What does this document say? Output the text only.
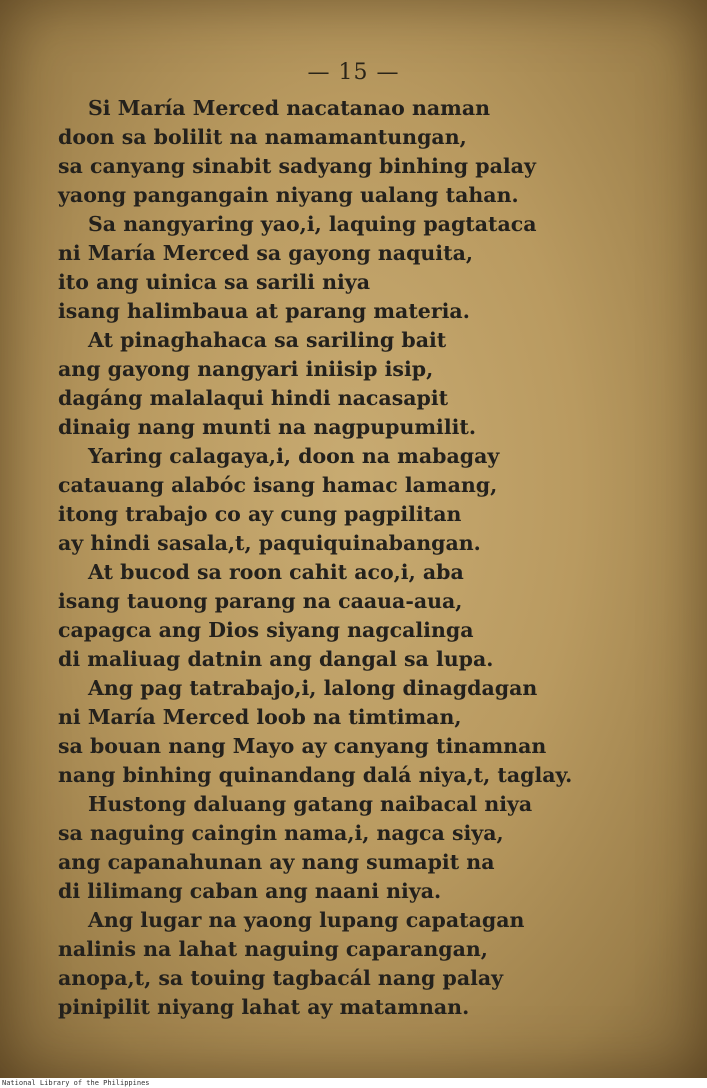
— 15 —
Si María Merced nacatanao naman
doon sa bolilit na namamantungan,
sa canyang sinabit sadyang binhing palay
yaong pangangain niyang ualang tahan.
Sa nangyaring yao,i, laquing pagtataca
ni María Merced sa gayong naquita,
ito ang uinica sa sarili niya
isang halimbaua at parang materia.
At pinaghahaca sa sariling bait
ang gayong nangyari iniisip isip,
dagáng malalaqui hindi nacasapit
dinaig nang munti na nagpupumilit.
Yaring calagaya,i, doon na mabagay
catauang alabóc isang hamac lamang,
itong trabajo co ay cung pagpilitan
ay hindi sasala,t, paquiquinabangan.
At bucod sa roon cahit aco,i, aba
isang tauong parang na caaua-aua,
capagca ang Dios siyang nagcalinga
di maliuag datnin ang dangal sa lupa.
Ang pag tatrabajo,i, lalong dinagdagan
ni María Merced loob na timtiman,
sa bouan nang Mayo ay canyang tinamnan
nang binhing quinandang dalá niya,t, taglay.
Hustong daluang gatang naibacal niya
sa naguing caingin nama,i, nagca siya,
ang capanahunan ay nang sumapit na
di lilimang caban ang naani niya.
Ang lugar na yaong lupang capatagan
nalinis na lahat naguing caparangan,
anopa,t, sa touing tagbacál nang palay
pinipilit niyang lahat ay matamnan.
National Library of the Philippines
